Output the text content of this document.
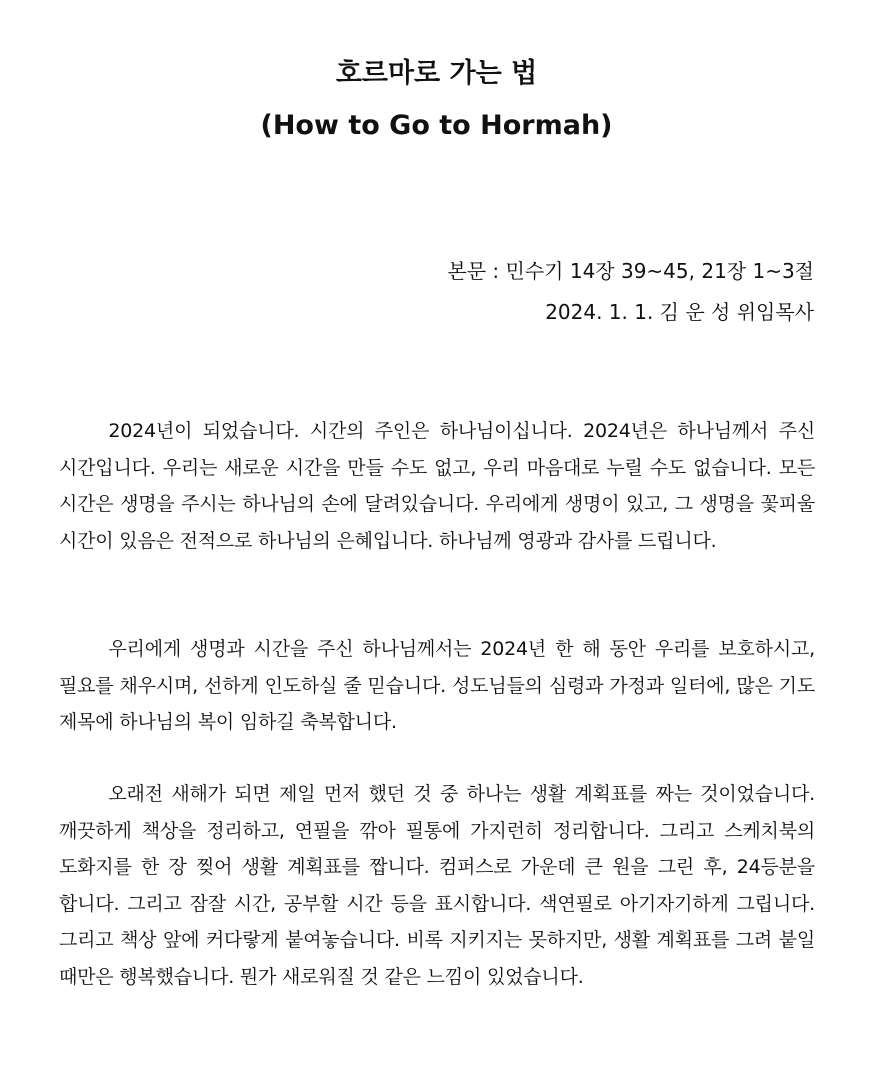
호르마로 가는 법
(How to Go to Hormah)

본문 : 민수기 14장 39~45, 21장 1~3절

2024. 1. 1. 김 운 성 위임목사

2024년이 되었습니다. 시간의 주인은 하나님이십니다. 2024년은 하나님께서 주신 시간입니다. 우리는 새로운 시간을 만들 수도 없고, 우리 마음대로 누릴 수도 없습니다. 모든 시간은 생명을 주시는 하나님의 손에 달려있습니다. 우리에게 생명이 있고, 그 생명을 꽃피울 시간이 있음은 전적으로 하나님의 은혜입니다. 하나님께 영광과 감사를 드립니다.

우리에게 생명과 시간을 주신 하나님께서는 2024년 한 해 동안 우리를 보호하시고, 필요를 채우시며, 선하게 인도하실 줄 믿습니다. 성도님들의 심령과 가정과 일터에, 많은 기도 제목에 하나님의 복이 임하길 축복합니다.

오래전 새해가 되면 제일 먼저 했던 것 중 하나는 생활 계획표를 짜는 것이었습니다. 깨끗하게 책상을 정리하고, 연필을 깎아 필통에 가지런히 정리합니다. 그리고 스케치북의 도화지를 한 장 찢어 생활 계획표를 짭니다. 컴퍼스로 가운데 큰 원을 그린 후, 24등분을 합니다. 그리고 잠잘 시간, 공부할 시간 등을 표시합니다. 색연필로 아기자기하게 그립니다. 그리고 책상 앞에 커다랗게 붙여놓습니다. 비록 지키지는 못하지만, 생활 계획표를 그려 붙일 때만은 행복했습니다. 뭔가 새로워질 것 같은 느낌이 있었습니다.
